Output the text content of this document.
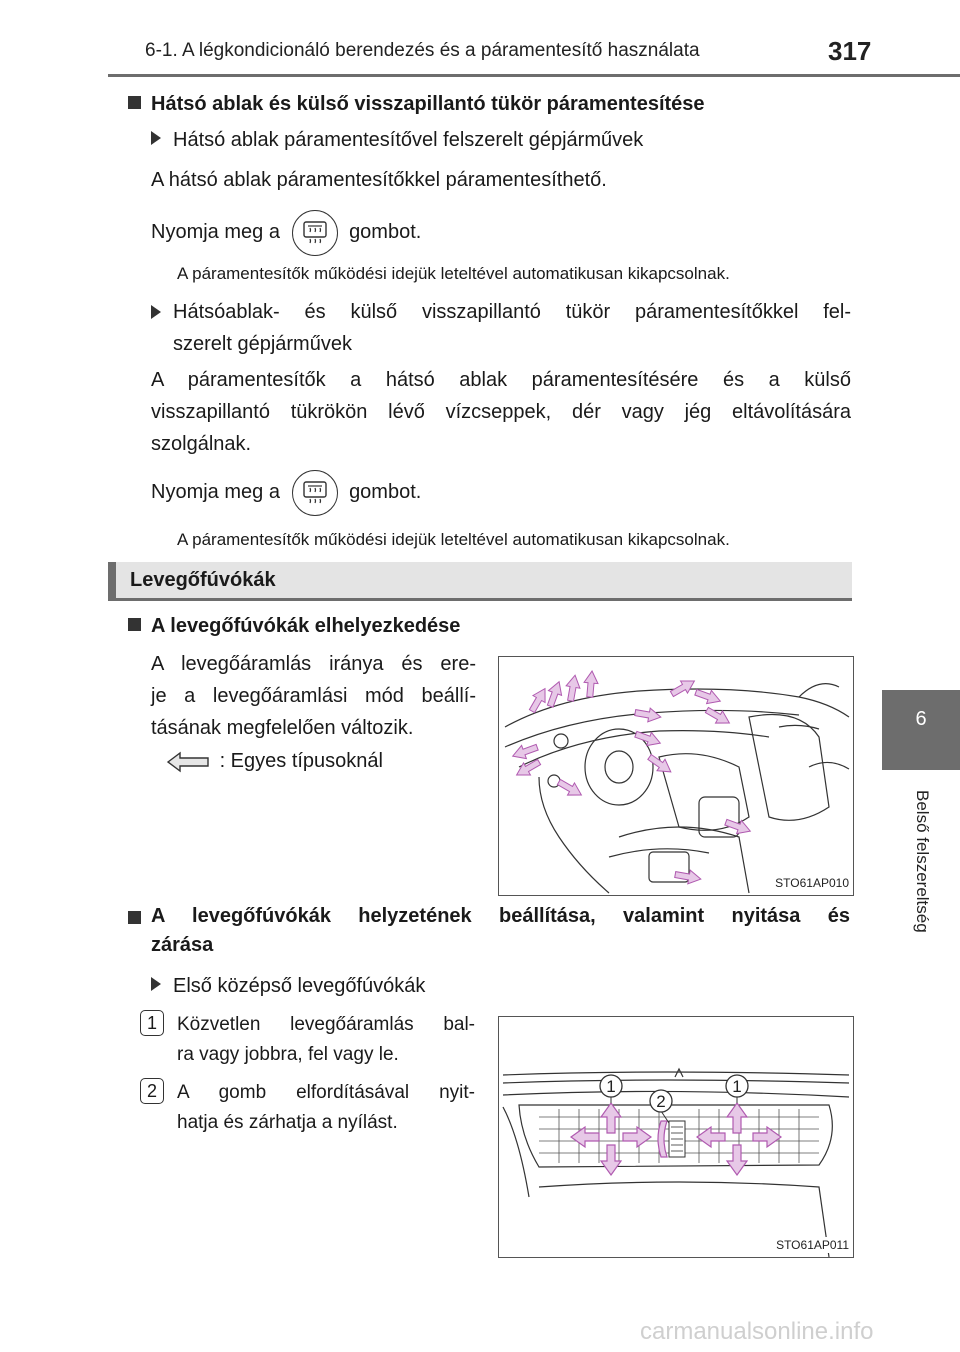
6-1. A légkondicionáló berendezés és a páramentesítő használata	317
6
Belső felszereltség
Hátsó ablak és külső visszapillantó tükör páramentesítése
Hátsó ablak páramentesítővel felszerelt gépjárművek
A hátsó ablak páramentesítőkkel páramentesíthető.
Nyomja meg a	gombot.
A páramentesítők működési idejük leteltével automatikusan kikapcsolnak.
Hátsóablak- és külső visszapillantó tükör páramentesítőkkel fel-
szerelt gépjárművek
A páramentesítők a hátsó ablak páramentesítésére és a külső
visszapillantó tükrökön lévő vízcseppek, dér vagy jég eltávolítására
szolgálnak.
Nyomja meg a	gombot.
A páramentesítők működési idejük leteltével automatikusan kikapcsolnak.
Levegőfúvókák
A levegőfúvókák elhelyezkedése
A levegőáramlás iránya és ere-
je a levegőáramlási mód beállí-
tásának megfelelően változik.
: Egyes típusoknál
STO61AP010
A levegőfúvókák helyzetének beállítása, valamint nyitása és
zárása
Első középső levegőfúvókák
1	Közvetlen levegőáramlás bal-
ra vagy jobbra, fel vagy le.
2	A gomb elfordításával nyit-
hatja és zárhatja a nyílást.
1
2
1
STO61AP011
carmanualsonline.info
